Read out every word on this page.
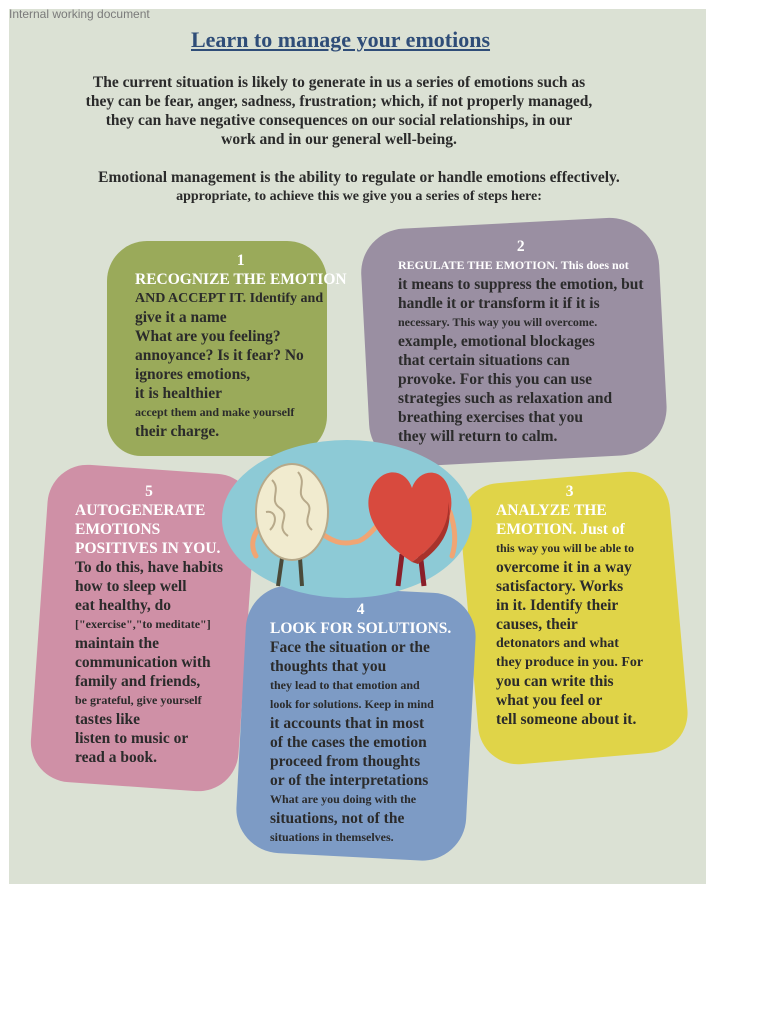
Learn to manage your emotions
The current situation is likely to generate in us a series of emotions such as
they can be fear, anger, sadness, frustration; which, if not properly managed,
they can have negative consequences on our social relationships, in our
work and in our general well-being.
Emotional management is the ability to regulate or handle emotions effectively.
appropriate, to achieve this we give you a series of steps here:
1
RECOGNIZE THE EMOTION
AND ACCEPT IT. Identify and
give it a name
What are you feeling?
annoyance? Is it fear? No
ignores emotions,
it is healthier
accept them and make yourself
their charge.
2
REGULATE THE EMOTION. This does not
it means to suppress the emotion, but
handle it or transform it if it is
necessary. This way you will overcome.
example, emotional blockages
that certain situations can
provoke. For this you can use
strategies such as relaxation and
breathing exercises that you
they will return to calm.
3
ANALYZE THE
EMOTION. Just of
this way you will be able to
overcome it in a way
satisfactory. Works
in it. Identify their
causes, their
detonators and what
they produce in you. For
you can write this
what you feel or
tell someone about it.
4
LOOK FOR SOLUTIONS.
Face the situation or the
thoughts that you
they lead to that emotion and
look for solutions. Keep in mind
it accounts that in most
of the cases the emotion
proceed from thoughts
or of the interpretations
What are you doing with the
situations, not of the
situations in themselves.
5
AUTOGENERATE
EMOTIONS
POSITIVES IN YOU.
To do this, have habits
how to sleep well
eat healthy, do
["exercise","to meditate"]
maintain the
communication with
family and friends,
be grateful, give yourself
tastes like
listen to music or
read a book.
Internal working document
